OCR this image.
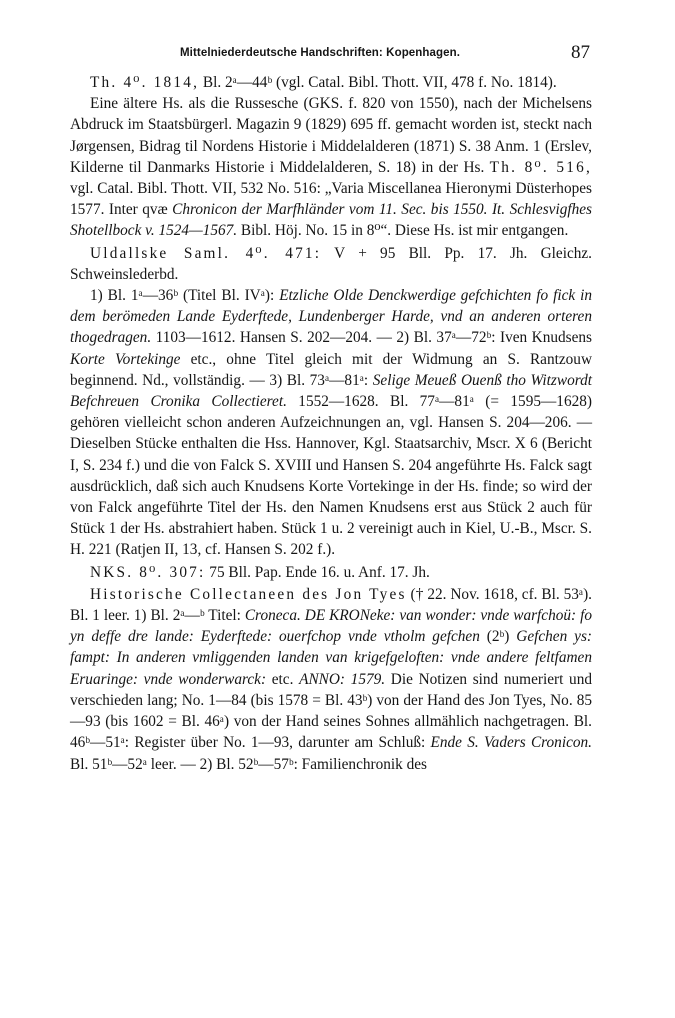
Mittelniederdeutsche Handschriften: Kopenhagen.	87

Th. 4⁰. 1814, Bl. 2ᵃ—44ᵇ (vgl. Catal. Bibl. Thott. VII, 478 f. No. 1814).

Eine ältere Hs. als die Russesche (GKS. f. 820 von 1550), nach der Michelsens Abdruck im Staatsbürgerl. Magazin 9 (1829) 695 ff. gemacht worden ist, steckt nach Jørgensen, Bidrag til Nordens Historie i Middelalderen (1871) S. 38 Anm. 1 (Erslev, Kilderne til Danmarks Historie i Middelalderen, S. 18) in der Hs. Th. 8⁰. 516, vgl. Catal. Bibl. Thott. VII, 532 No. 516: „Varia Miscellanea Hieronymi Düsterhopes 1577. Inter qvæ Chronicon der Marfhländer vom 11. Sec. bis 1550. It. Schlesvigfhes Shotellbock v. 1524—1567. Bibl. Höj. No. 15 in 8⁰“. Diese Hs. ist mir entgangen.

Uldallske Saml. 4⁰. 471: V + 95 Bll. Pp. 17. Jh. Gleichz. Schweinslederbd.

1) Bl. 1ᵃ—36ᵇ (Titel Bl. IVᵃ): Etzliche Olde Denckwerdige gefchichten fo fick in dem berömeden Lande Eyderftede, Lundenberger Harde, vnd an anderen orteren thogedragen. 1103—1612. Hansen S. 202—204. — 2) Bl. 37ᵃ—72ᵇ: Iven Knudsens Korte Vortekinge etc., ohne Titel gleich mit der Widmung an S. Rantzouw beginnend. Nd., vollständig. — 3) Bl. 73ᵃ—81ᵃ: Selige Meueß Ouenß tho Witzwordt Befchreuen Cronika Collectieret. 1552—1628. Bl. 77ᵃ—81ᵃ (= 1595—1628) gehören vielleicht schon anderen Aufzeichnungen an, vgl. Hansen S. 204—206. — Dieselben Stücke enthalten die Hss. Hannover, Kgl. Staatsarchiv, Mscr. X 6 (Bericht I, S. 234 f.) und die von Falck S. XVIII und Hansen S. 204 angeführte Hs. Falck sagt ausdrücklich, daß sich auch Knudsens Korte Vortekinge in der Hs. finde; so wird der von Falck angeführte Titel der Hs. den Namen Knudsens erst aus Stück 2 auch für Stück 1 der Hs. abstrahiert haben. Stück 1 u. 2 vereinigt auch in Kiel, U.-B., Mscr. S. H. 221 (Ratjen II, 13, cf. Hansen S. 202 f.).

NKS. 8⁰. 307: 75 Bll. Pap. Ende 16. u. Anf. 17. Jh.

Historische Collectaneen des Jon Tyes († 22. Nov. 1618, cf. Bl. 53ᵃ). Bl. 1 leer. 1) Bl. 2ᵃ—ᵇ Titel: Croneca. DE KRONeke: van wonder: vnde warfchoü: fo yn deffe dre lande: Eyderftede: ouerfchop vnde vtholm gefchen (2ᵇ) Gefchen ys: fampt: In anderen vmliggenden landen van krigefgeloften: vnde andere feltfamen Eruaringe: vnde wonderwarck: etc. ANNO: 1579. Die Notizen sind numeriert und verschieden lang; No. 1—84 (bis 1578 = Bl. 43ᵇ) von der Hand des Jon Tyes, No. 85—93 (bis 1602 = Bl. 46ᵃ) von der Hand seines Sohnes allmählich nachgetragen. Bl. 46ᵇ—51ᵃ: Register über No. 1—93, darunter am Schluß: Ende S. Vaders Cronicon. Bl. 51ᵇ—52ᵃ leer. — 2) Bl. 52ᵇ—57ᵇ: Familienchronik des
